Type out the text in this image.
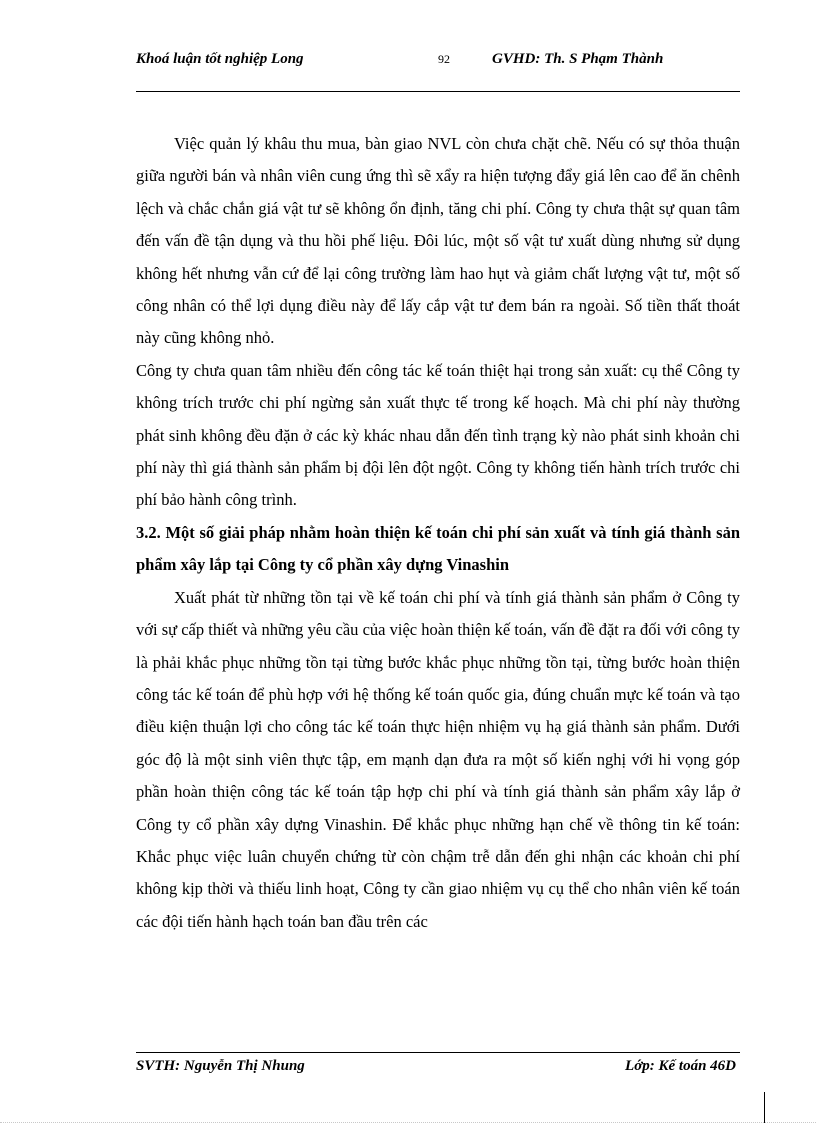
Khoá luận tốt nghiệp Long	92	GVHD: Th. S Phạm Thành

Việc quản lý khâu thu mua, bàn giao NVL còn chưa chặt chẽ. Nếu có sự thỏa thuận giữa người bán và nhân viên cung ứng thì sẽ xẩy ra hiện tượng đẩy giá lên cao để ăn chênh lệch và chắc chắn giá vật tư sẽ không ổn định, tăng chi phí. Công ty chưa thật sự quan tâm đến vấn đề tận dụng và thu hồi phế liệu. Đôi lúc, một số vật tư xuất dùng nhưng sử dụng không hết nhưng vẫn cứ để lại công trường làm hao hụt và giảm chất lượng vật tư, một số công nhân có thể lợi dụng điều này để lấy cắp vật tư đem bán ra ngoài. Số tiền thất thoát này cũng không nhỏ.

Công ty chưa quan tâm nhiều đến công tác kế toán thiệt hại trong sản xuất: cụ thể Công ty không trích trước chi phí ngừng sản xuất thực tế trong kế hoạch. Mà chi phí này thường phát sinh không đều đặn ở các kỳ khác nhau dẫn đến tình trạng kỳ nào phát sinh khoản chi phí này thì giá thành sản phẩm bị đội lên đột ngột. Công ty không tiến hành trích trước chi phí bảo hành công trình.

3.2. Một số giải pháp nhằm hoàn thiện kế toán chi phí sản xuất và tính giá thành sản phẩm xây lắp tại Công ty cổ phần xây dựng Vinashin

Xuất phát từ những tồn tại về kế toán chi phí và tính giá thành sản phẩm ở Công ty với sự cấp thiết và những yêu cầu của việc hoàn thiện kế toán, vấn đề đặt ra đối với công ty là phải khắc phục những tồn tại từng bước khắc phục những tồn tại, từng bước hoàn thiện công tác kế toán để phù hợp với hệ thống kế toán quốc gia, đúng chuẩn mực kế toán và tạo điều kiện thuận lợi cho công tác kế toán thực hiện nhiệm vụ hạ giá thành sản phẩm. Dưới góc độ là một sinh viên thực tập, em mạnh dạn đưa ra một số kiến nghị với hi vọng góp phần hoàn thiện công tác kế toán tập hợp chi phí và tính giá thành sản phẩm xây lắp ở Công ty cổ phần xây dựng Vinashin. Để khắc phục những hạn chế về thông tin kế toán: Khắc phục việc luân chuyển chứng từ còn chậm trễ dẫn đến ghi nhận các khoản chi phí không kịp thời và thiếu linh hoạt, Công ty cần giao nhiệm vụ cụ thể cho nhân viên kế toán các đội tiến hành hạch toán ban đầu trên các

SVTH: Nguyễn Thị Nhung	Lớp: Kế toán 46D
